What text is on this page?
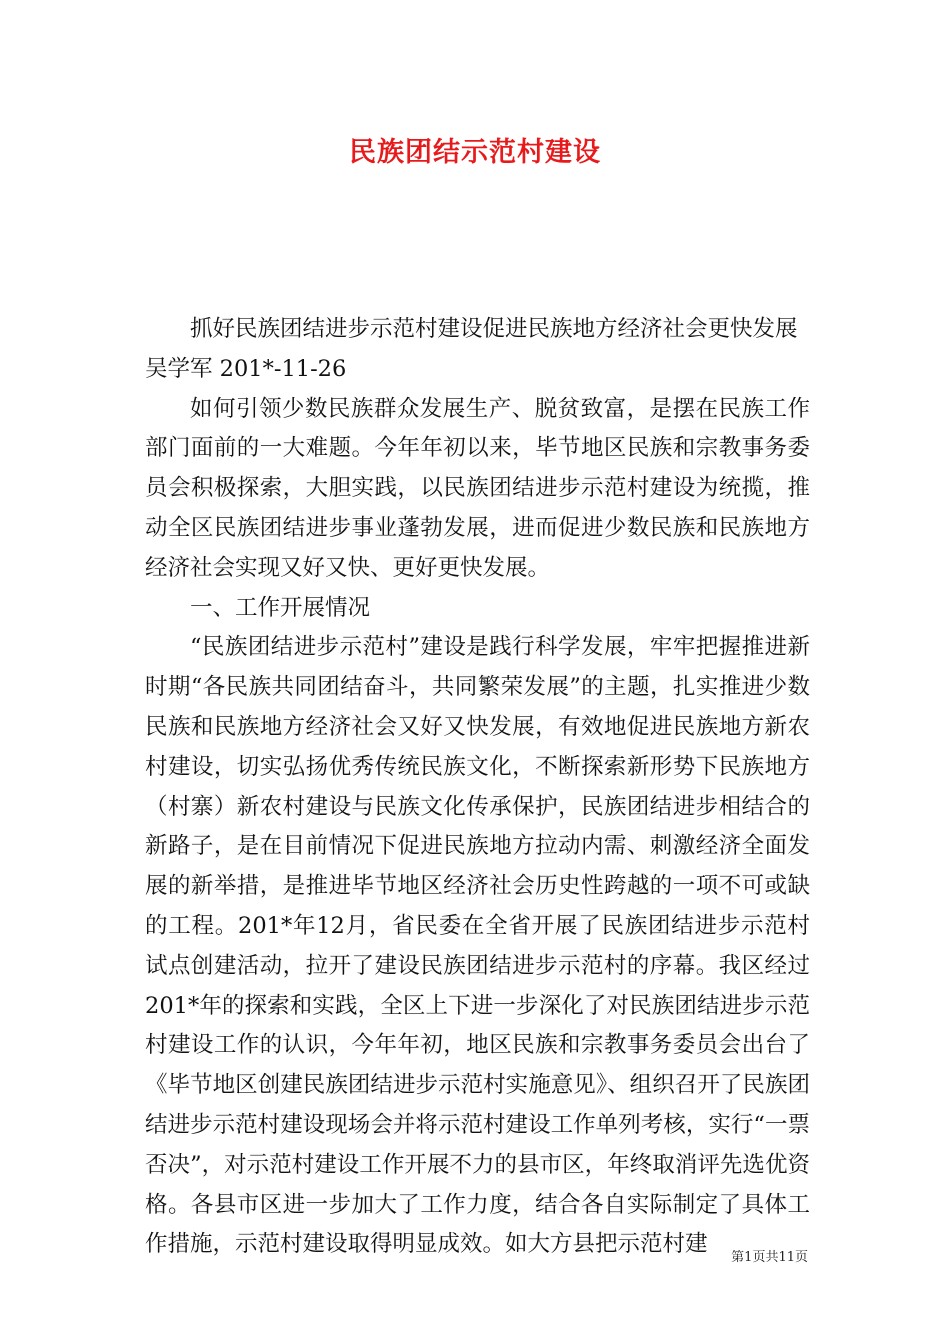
民族团结示范村建设

抓好民族团结进步示范村建设促进民族地方经济社会更快发展

吴学军 201*-11-26

如何引领少数民族群众发展生产、脱贫致富，是摆在民族工作部门面前的一大难题。今年年初以来，毕节地区民族和宗教事务委员会积极探索，大胆实践，以民族团结进步示范村建设为统揽，推动全区民族团结进步事业蓬勃发展，进而促进少数民族和民族地方经济社会实现又好又快、更好更快发展。

一、工作开展情况

“民族团结进步示范村”建设是践行科学发展，牢牢把握推进新时期“各民族共同团结奋斗，共同繁荣发展”的主题，扎实推进少数民族和民族地方经济社会又好又快发展，有效地促进民族地方新农村建设，切实弘扬优秀传统民族文化，不断探索新形势下民族地方（村寨）新农村建设与民族文化传承保护，民族团结进步相结合的新路子，是在目前情况下促进民族地方拉动内需、刺激经济全面发展的新举措，是推进毕节地区经济社会历史性跨越的一项不可或缺的工程。201*年12月，省民委在全省开展了民族团结进步示范村试点创建活动，拉开了建设民族团结进步示范村的序幕。我区经过201*年的探索和实践，全区上下进一步深化了对民族团结进步示范村建设工作的认识，今年年初，地区民族和宗教事务委员会出台了《毕节地区创建民族团结进步示范村实施意见》、组织召开了民族团结进步示范村建设现场会并将示范村建设工作单列考核，实行“一票否决”，对示范村建设工作开展不力的县市区，年终取消评先选优资格。各县市区进一步加大了工作力度，结合各自实际制定了具体工作措施，示范村建设取得明显成效。如大方县把示范村建

第1页共11页
